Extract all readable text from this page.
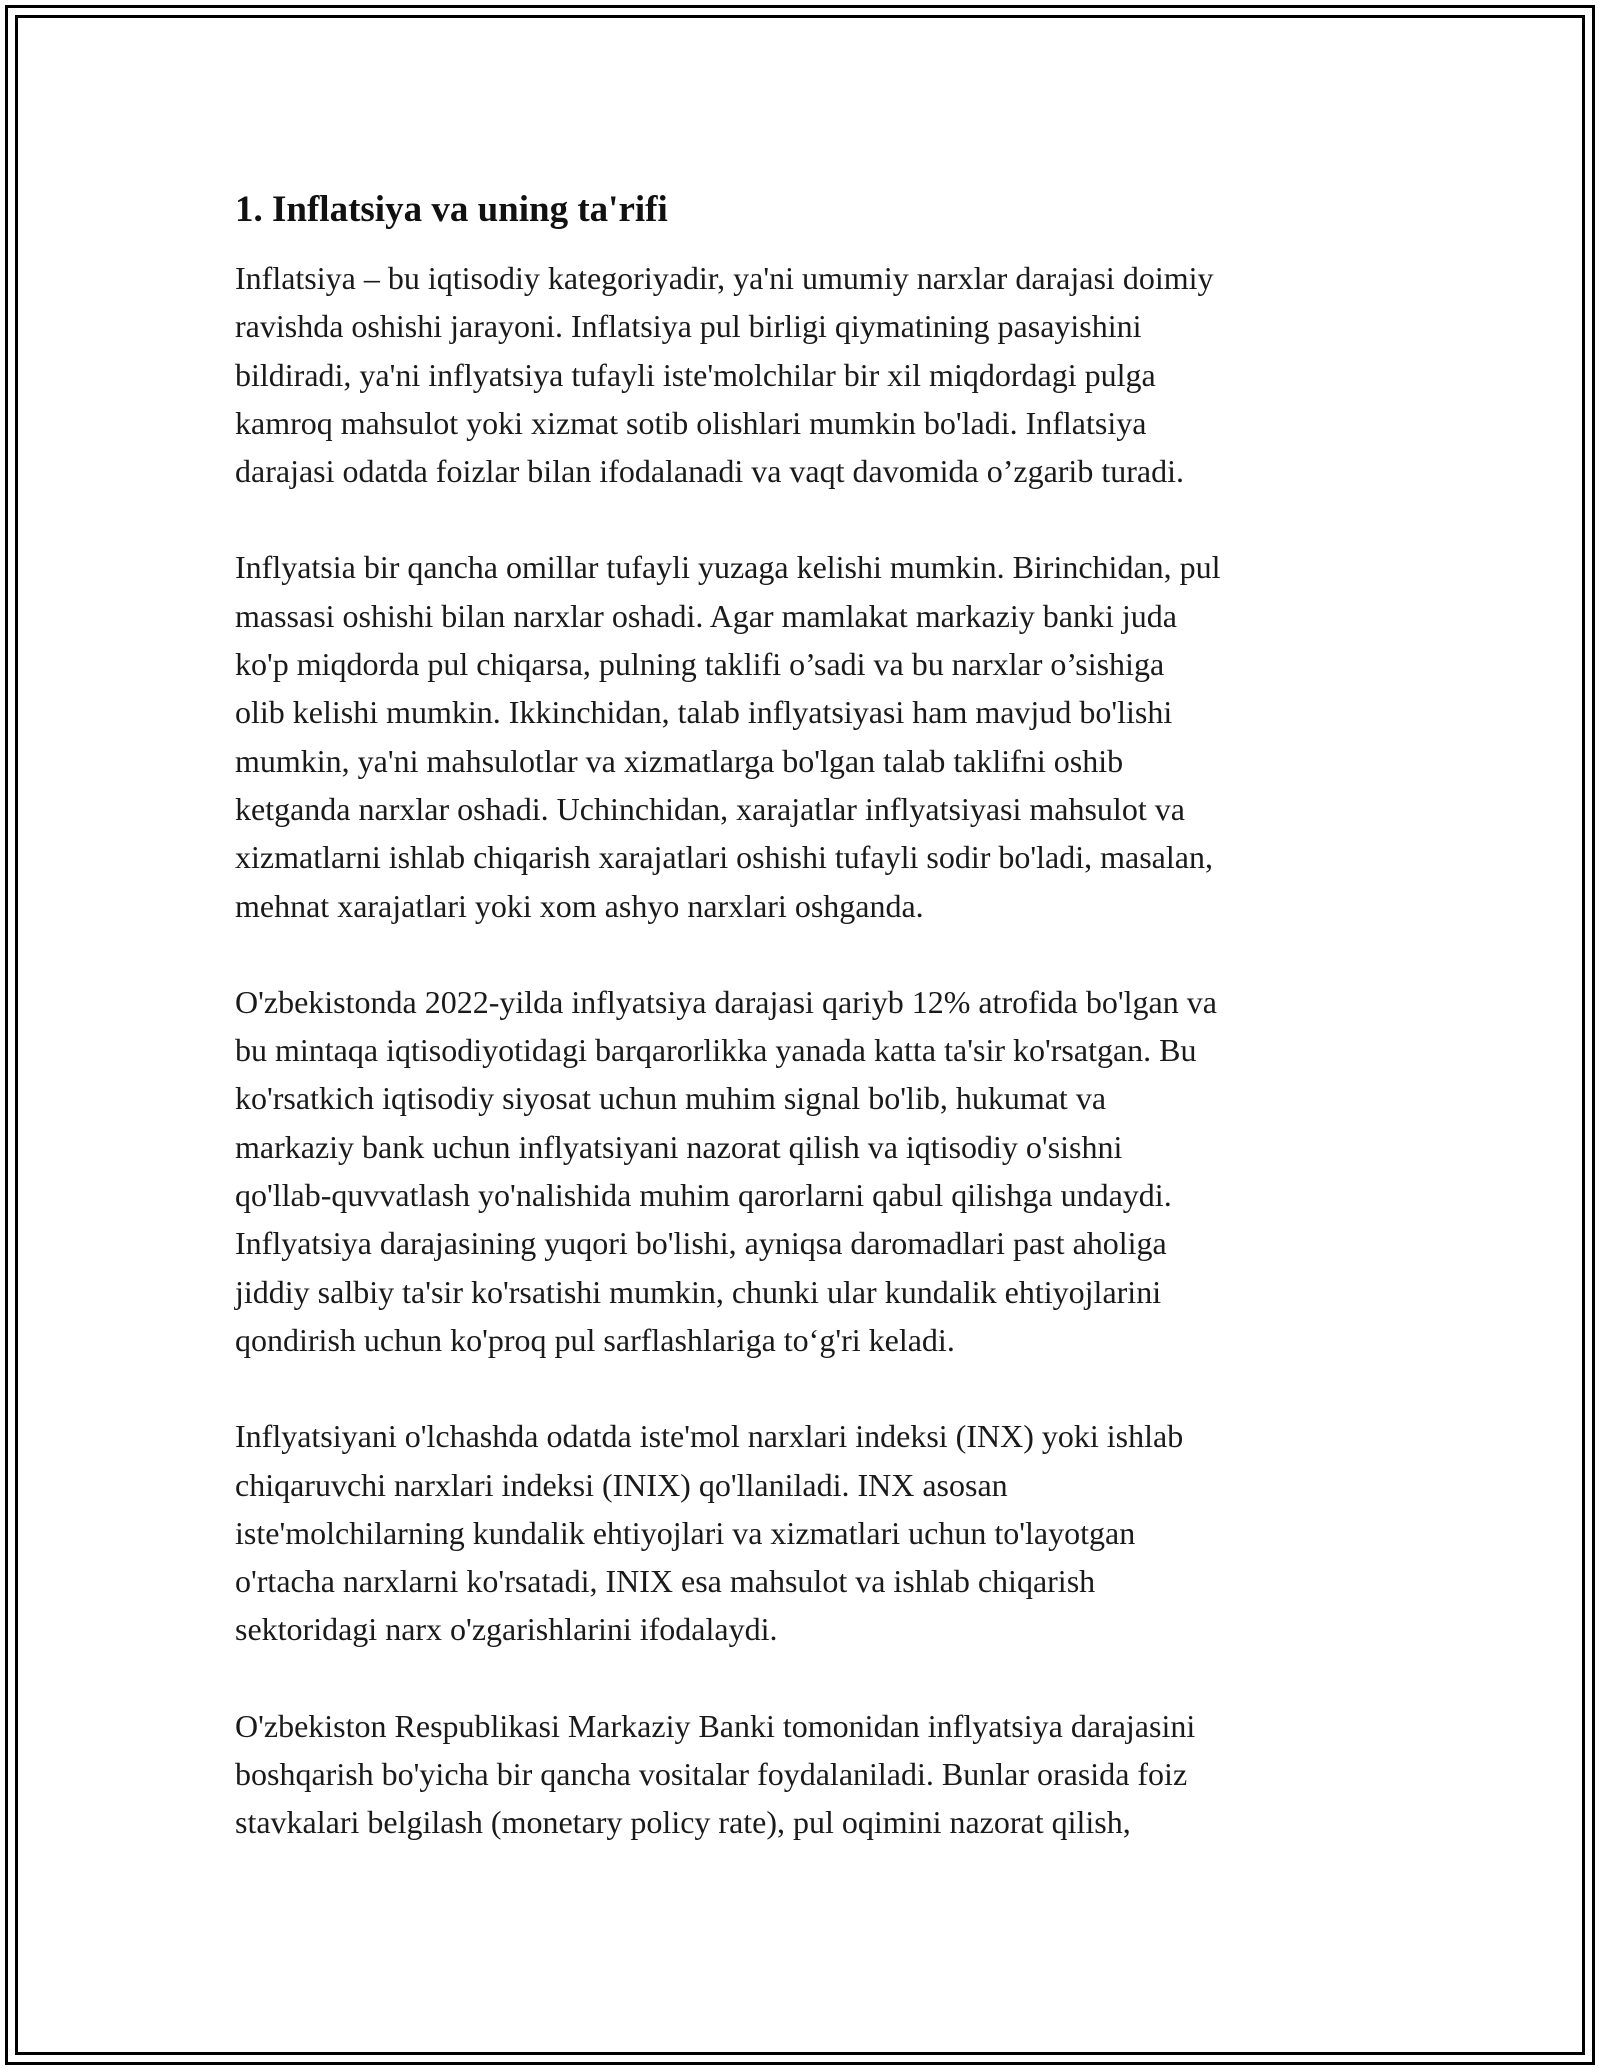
1. Inflatsiya va uning ta'rifi

Inflatsiya – bu iqtisodiy kategoriyadir, ya'ni umumiy narxlar darajasi doimiy
ravishda oshishi jarayoni. Inflatsiya pul birligi qiymatining pasayishini
bildiradi, ya'ni inflyatsiya tufayli iste'molchilar bir xil miqdordagi pulga
kamroq mahsulot yoki xizmat sotib olishlari mumkin bo'ladi. Inflatsiya
darajasi odatda foizlar bilan ifodalanadi va vaqt davomida o’zgarib turadi.

Inflyatsia bir qancha omillar tufayli yuzaga kelishi mumkin. Birinchidan, pul
massasi oshishi bilan narxlar oshadi. Agar mamlakat markaziy banki juda
ko'p miqdorda pul chiqarsa, pulning taklifi o’sadi va bu narxlar o’sishiga
olib kelishi mumkin. Ikkinchidan, talab inflyatsiyasi ham mavjud bo'lishi
mumkin, ya'ni mahsulotlar va xizmatlarga bo'lgan talab taklifni oshib
ketganda narxlar oshadi. Uchinchidan, xarajatlar inflyatsiyasi mahsulot va
xizmatlarni ishlab chiqarish xarajatlari oshishi tufayli sodir bo'ladi, masalan,
mehnat xarajatlari yoki xom ashyo narxlari oshganda.

O'zbekistonda 2022-yilda inflyatsiya darajasi qariyb 12% atrofida bo'lgan va
bu mintaqa iqtisodiyotidagi barqarorlikka yanada katta ta'sir ko'rsatgan. Bu
ko'rsatkich iqtisodiy siyosat uchun muhim signal bo'lib, hukumat va
markaziy bank uchun inflyatsiyani nazorat qilish va iqtisodiy o'sishni
qo'llab-quvvatlash yo'nalishida muhim qarorlarni qabul qilishga undaydi.
Inflyatsiya darajasining yuqori bo'lishi, ayniqsa daromadlari past aholiga
jiddiy salbiy ta'sir ko'rsatishi mumkin, chunki ular kundalik ehtiyojlarini
qondirish uchun ko'proq pul sarflashlariga to‘g'ri keladi.

Inflyatsiyani o'lchashda odatda iste'mol narxlari indeksi (INX) yoki ishlab
chiqaruvchi narxlari indeksi (INIX) qo'llaniladi. INX asosan
iste'molchilarning kundalik ehtiyojlari va xizmatlari uchun to'layotgan
o'rtacha narxlarni ko'rsatadi, INIX esa mahsulot va ishlab chiqarish
sektoridagi narx o'zgarishlarini ifodalaydi.

O'zbekiston Respublikasi Markaziy Banki tomonidan inflyatsiya darajasini
boshqarish bo'yicha bir qancha vositalar foydalaniladi. Bunlar orasida foiz
stavkalari belgilash (monetary policy rate), pul oqimini nazorat qilish,
